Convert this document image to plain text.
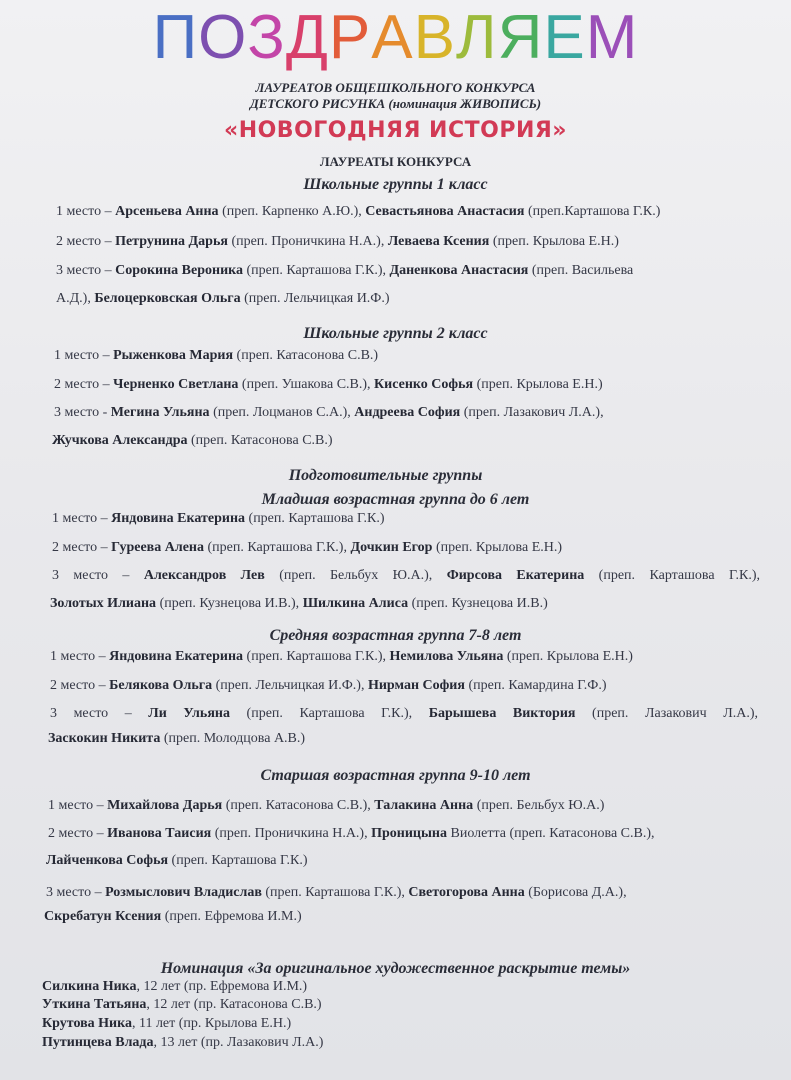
ПОЗДРАВЛЯЕМ
ЛАУРЕАТОВ ОБЩЕШКОЛЬНОГО КОНКУРСА
ДЕТСКОГО РИСУНКА (номинация ЖИВОПИСЬ)
«НОВОГОДНЯЯ ИСТОРИЯ»
ЛАУРЕАТЫ КОНКУРСА
Школьные группы 1 класс
1 место – Арсеньева Анна (преп. Карпенко А.Ю.), Севастьянова Анастасия (преп.Карташова Г.К.)
2 место – Петрунина Дарья (преп. Проничкина Н.А.), Леваева Ксения (преп. Крылова Е.Н.)
3 место – Сорокина Вероника (преп. Карташова Г.К.), Даненкова Анастасия (преп. Васильева
А.Д.), Белоцерковская Ольга (преп. Лельчицкая И.Ф.)
Школьные группы 2 класс
1 место – Рыженкова Мария (преп. Катасонова С.В.)
2 место – Черненко Светлана (преп. Ушакова С.В.), Кисенко Софья (преп. Крылова Е.Н.)
3 место - Мегина Ульяна (преп. Лоцманов С.А.), Андреева София (преп. Лазакович Л.А.),
Жучкова Александра (преп. Катасонова С.В.)
Подготовительные группы
Младшая возрастная группа до 6 лет
1 место – Яндовина Екатерина (преп. Карташова Г.К.)
2 место – Гуреева Алена (преп. Карташова Г.К.), Дочкин Егор (преп. Крылова Е.Н.)
3 место – Александров Лев (преп. Бельбух Ю.А.), Фирсова Екатерина (преп. Карташова Г.К.),
Золотых Илиана (преп. Кузнецова И.В.), Шилкина Алиса (преп. Кузнецова И.В.)
Средняя возрастная группа 7-8 лет
1 место – Яндовина Екатерина (преп. Карташова Г.К.), Немилова Ульяна (преп. Крылова Е.Н.)
2 место – Белякова Ольга (преп. Лельчицкая И.Ф.), Нирман София (преп. Камардина Г.Ф.)
3 место – Ли Ульяна (преп. Карташова Г.К.), Барышева Виктория (преп. Лазакович Л.А.),
Заскокин Никита (преп. Молодцова А.В.)
Старшая возрастная группа 9-10 лет
1 место – Михайлова Дарья (преп. Катасонова С.В.), Талакина Анна (преп. Бельбух Ю.А.)
2 место – Иванова Таисия (преп. Проничкина Н.А.), Проницына Виолетта (преп. Катасонова С.В.),
Лайченкова Софья (преп. Карташова Г.К.)
3 место – Розмыслович Владислав (преп. Карташова Г.К.), Светогорова Анна (Борисова Д.А.),
Скребатун Ксения (преп. Ефремова И.М.)
Номинация «За оригинальное художественное раскрытие темы»
Силкина Ника, 12 лет (пр. Ефремова И.М.)
Уткина Татьяна, 12 лет (пр. Катасонова С.В.)
Крутова Ника, 11 лет (пр. Крылова Е.Н.)
Путинцева Влада, 13 лет (пр. Лазакович Л.А.)
